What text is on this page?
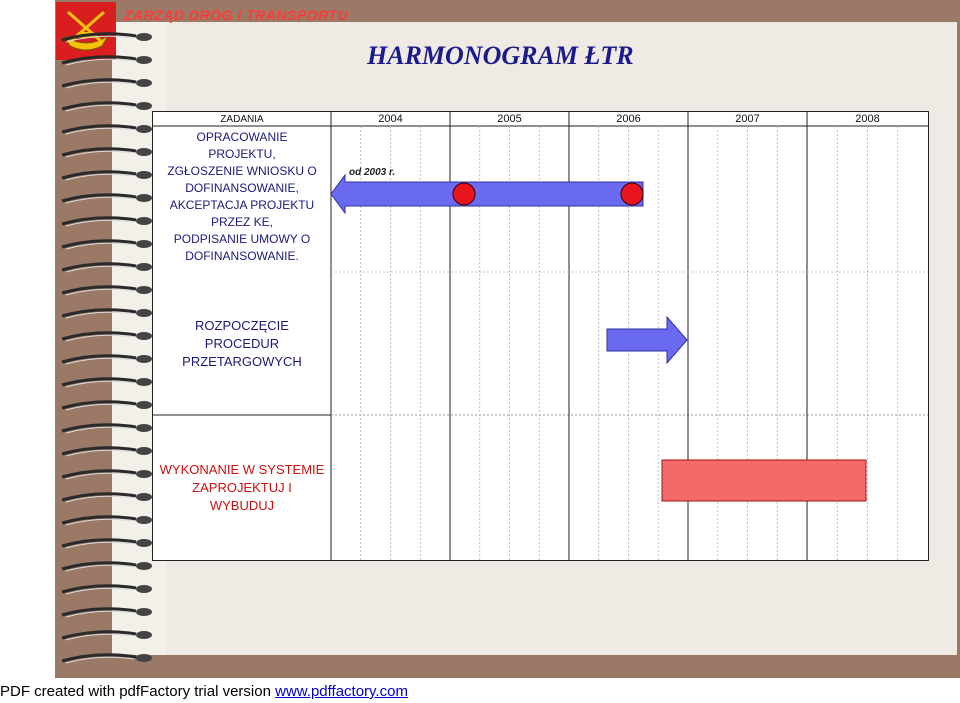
ZARZĄD DRÓG I TRANSPORTU
HARMONOGRAM ŁTR
ZADANIA	2004	2005	2006	2007	2008
OPRACOWANIE
PROJEKTU,
ZGŁOSZENIE WNIOSKU O
DOFINANSOWANIE,
AKCEPTACJA PROJEKTU
PRZEZ KE,
PODPISANIE UMOWY O
DOFINANSOWANIE.
ROZPOCZĘCIE
PROCEDUR
PRZETARGOWYCH
WYKONANIE W SYSTEMIE
ZAPROJEKTUJ I
WYBUDUJ
od 2003 r.
PDF created with pdfFactory trial version www.pdffactory.com
